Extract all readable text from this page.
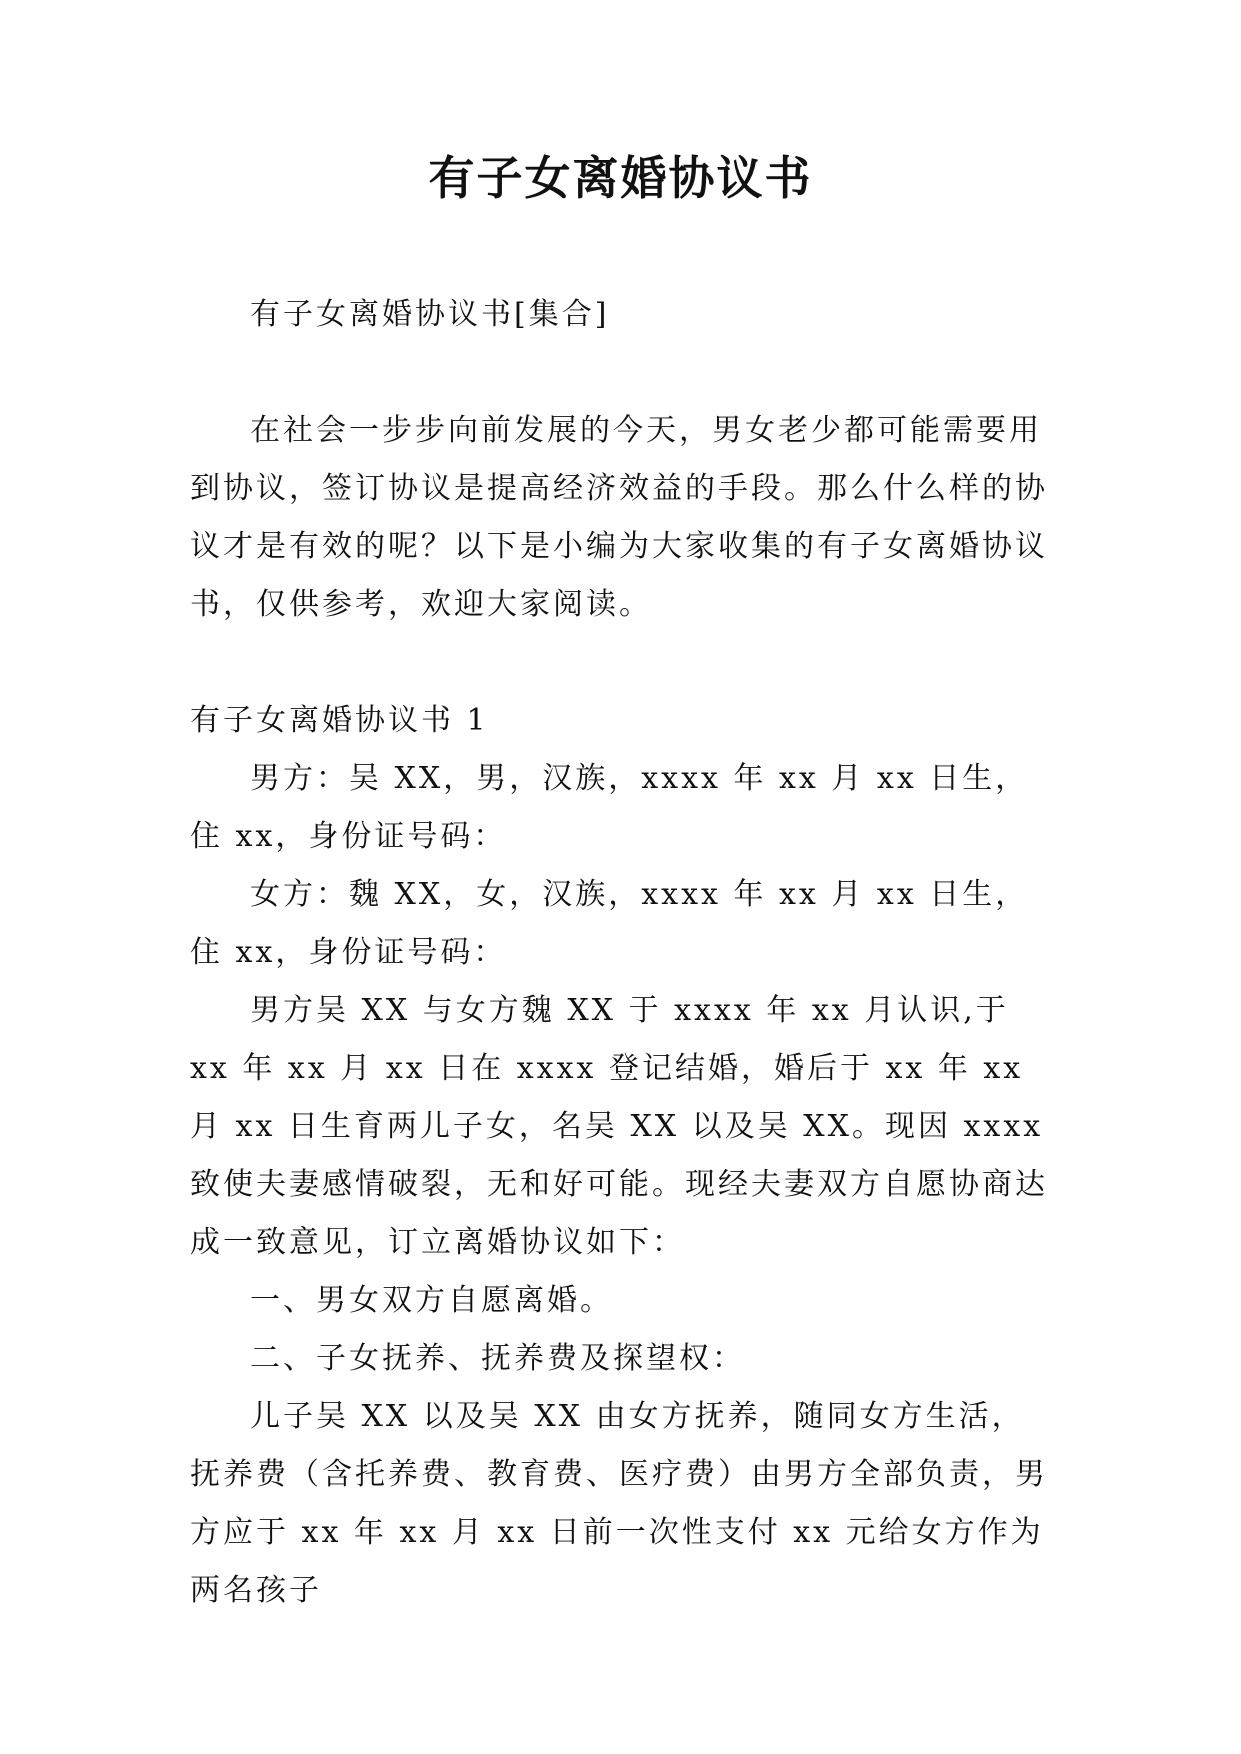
有子女离婚协议书

有子女离婚协议书[集合]

在社会一步步向前发展的今天，男女老少都可能需要用到协议，签订协议是提高经济效益的手段。那么什么样的协议才是有效的呢？以下是小编为大家收集的有子女离婚协议书，仅供参考，欢迎大家阅读。

有子女离婚协议书 1

男方：吴 XX，男，汉族，xxxx 年 xx 月 xx 日生，住 xx，身份证号码：

女方：魏 XX，女，汉族，xxxx 年 xx 月 xx 日生，住 xx，身份证号码：

男方吴 XX 与女方魏 XX 于 xxxx 年 xx 月认识,于 xx 年 xx 月 xx 日在 xxxx 登记结婚，婚后于 xx 年 xx 月 xx 日生育两儿子女，名吴 XX 以及吴 XX。现因 xxxx 致使夫妻感情破裂，无和好可能。现经夫妻双方自愿协商达成一致意见，订立离婚协议如下：

一、男女双方自愿离婚。

二、子女抚养、抚养费及探望权：

儿子吴 XX 以及吴 XX 由女方抚养，随同女方生活，抚养费（含托养费、教育费、医疗费）由男方全部负责，男方应于 xx 年 xx 月 xx 日前一次性支付 xx 元给女方作为两名孩子
